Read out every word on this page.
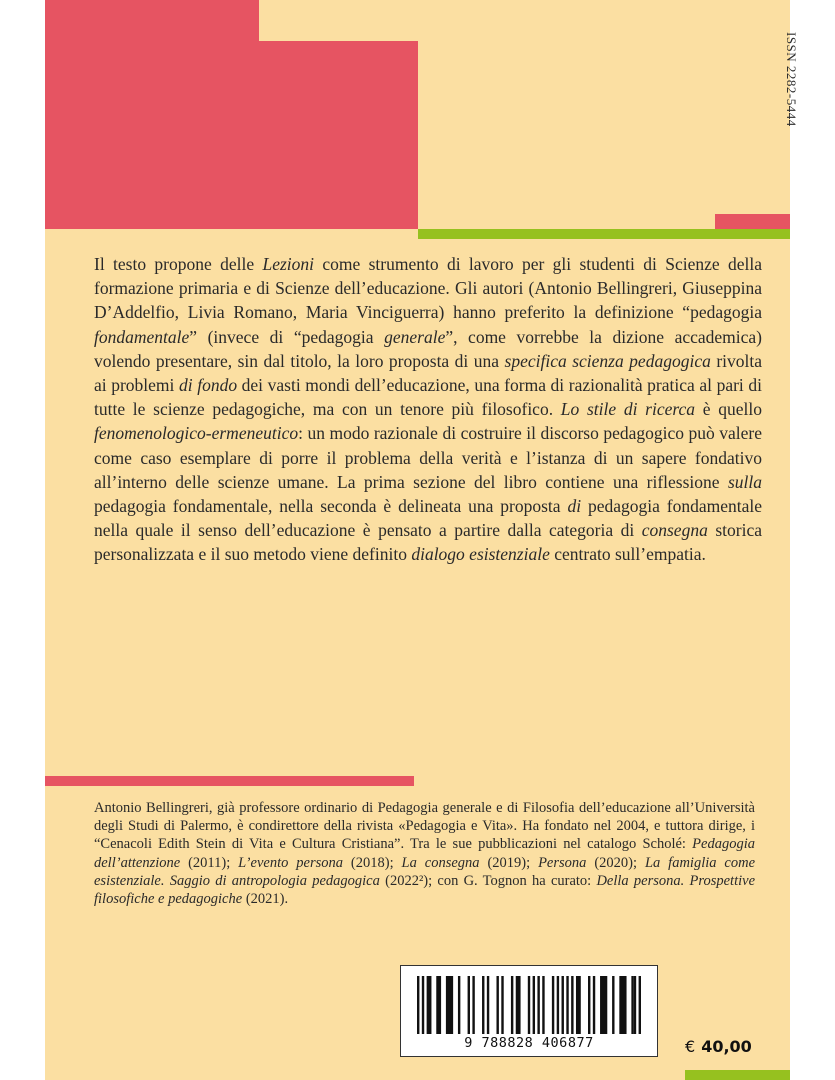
ISSN 2282-5444
Il testo propone delle Lezioni come strumento di lavoro per gli studenti di Scienze della formazione primaria e di Scienze dell’educazione. Gli autori (Antonio Bellingreri, Giuseppina D’Addelfio, Livia Romano, Maria Vinciguerra) hanno preferito la definizione “pedagogia fondamentale” (invece di “pedagogia generale”, come vorrebbe la dizione accademica) volendo presentare, sin dal titolo, la loro proposta di una specifica scienza pedagogica rivolta ai problemi di fondo dei vasti mondi dell’educazione, una forma di razionalità pratica al pari di tutte le scienze pedagogiche, ma con un tenore più filosofico. Lo stile di ricerca è quello fenomenologico-ermeneutico: un modo razionale di costruire il discorso pedagogico può valere come caso esemplare di porre il problema della verità e l’istanza di un sapere fondativo all’interno delle scienze umane. La prima sezione del libro contiene una riflessione sulla pedagogia fondamentale, nella seconda è delineata una proposta di pedagogia fondamentale nella quale il senso dell’educazione è pensato a partire dalla categoria di consegna storica personalizzata e il suo metodo viene definito dialogo esistenziale centrato sull’empatia.
Antonio Bellingreri, già professore ordinario di Pedagogia generale e di Filosofia dell’educazione all’Università degli Studi di Palermo, è condirettore della rivista «Pedagogia e Vita». Ha fondato nel 2004, e tuttora dirige, i “Cenacoli Edith Stein di Vita e Cultura Cristiana”. Tra le sue pubblicazioni nel catalogo Scholé: Pedagogia dell’attenzione (2011); L’evento persona (2018); La consegna (2019); Persona (2020); La famiglia come esistenziale. Saggio di antropologia pedagogica (2022²); con G. Tognon ha curato: Della persona. Prospettive filosofiche e pedagogiche (2021).
9 788828 406877	€ 40,00
